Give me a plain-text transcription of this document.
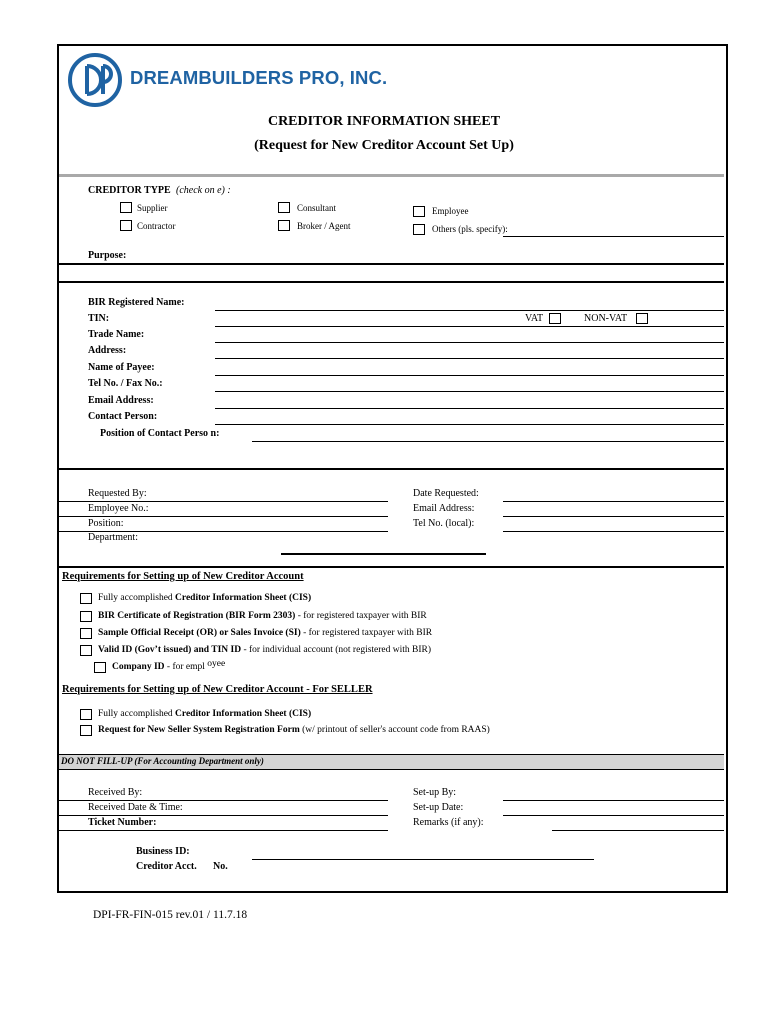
DREAMBUILDERS PRO, INC.
CREDITOR INFORMATION SHEET
(Request for New Creditor Account Set Up)
CREDITOR TYPE (check on e) :
Supplier
Contractor
Consultant
Broker / Agent
Employee
Others (pls. specify):
Purpose:
BIR Registered Name:
TIN:	VAT	NON-VAT
Trade Name:
Address:
Name of Payee:
Tel No. / Fax No.:
Email Address:
Contact Person:
Position of Contact Perso n:
Requested By:
Employee No.:
Position:
Department:
Date Requested:
Email Address:
Tel No. (local):
Requirements for Setting up of New Creditor Account
Fully accomplished Creditor Information Sheet (CIS)
BIR Certificate of Registration (BIR Form 2303) - for registered taxpayer with BIR
Sample Official Receipt (OR) or Sales Invoice (SI) - for registered taxpayer with BIR
Valid ID (Gov’t issued) and TIN ID - for individual account (not registered with BIR)
Company ID - for empl oyee
Requirements for Setting up of New Creditor Account - For SELLER
Fully accomplished Creditor Information Sheet (CIS)
Request for New Seller System Registration Form (w/ printout of seller's account code from RAAS)
DO NOT FILL-UP (For Accounting Department only)
Received By:
Received Date & Time:
Ticket Number:
Set-up By:
Set-up Date:
Remarks (if any):
Business ID:
Creditor Acct. No.
DPI-FR-FIN-015 rev.01 / 11.7.18
